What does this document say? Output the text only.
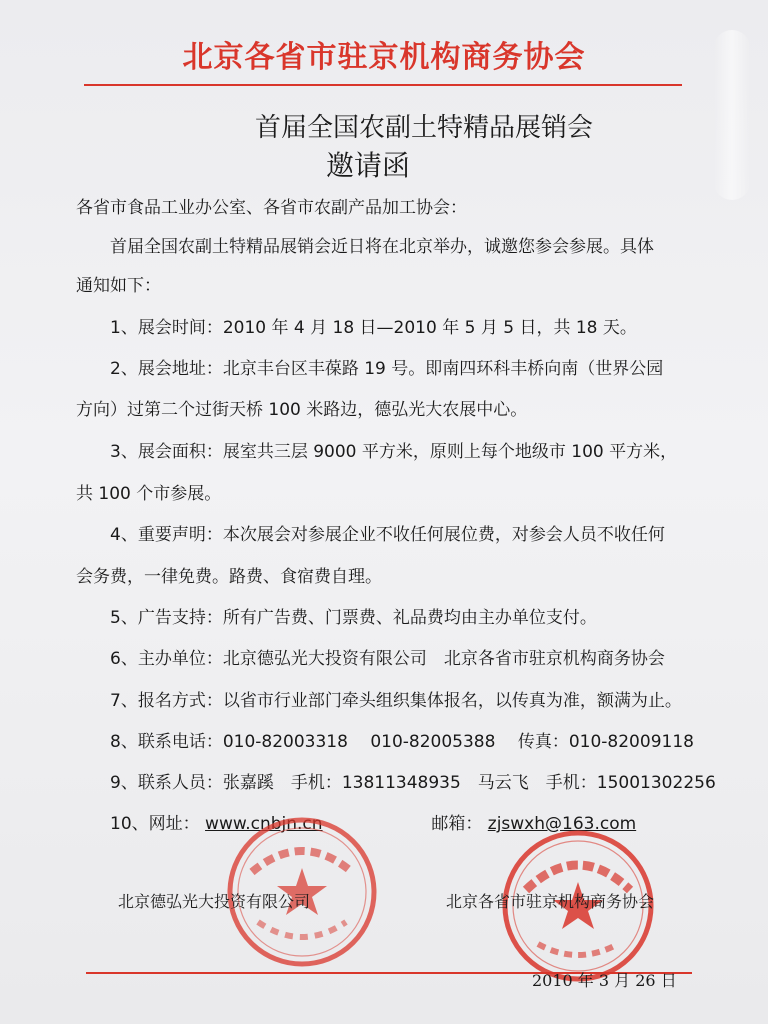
北京各省市驻京机构商务协会
首届全国农副土特精品展销会
邀请函
各省市食品工业办公室、各省市农副产品加工协会：
首届全国农副土特精品展销会近日将在北京举办，诚邀您参会参展。具体
通知如下：
1、展会时间：2010 年 4 月 18 日—2010 年 5 月 5 日，共 18 天。
2、展会地址：北京丰台区丰葆路 19 号。即南四环科丰桥向南（世界公园
方向）过第二个过街天桥 100 米路边，德弘光大农展中心。
3、展会面积：展室共三层 9000 平方米，原则上每个地级市 100 平方米，
共 100 个市参展。
4、重要声明：本次展会对参展企业不收任何展位费，对参会人员不收任何
会务费，一律免费。路费、食宿费自理。
5、广告支持：所有广告费、门票费、礼品费均由主办单位支付。
6、主办单位：北京德弘光大投资有限公司　北京各省市驻京机构商务协会
7、报名方式：以省市行业部门牵头组织集体报名，以传真为准，额满为止。
8、联系电话：010-82003318　 010-82005388　 传真：010-82009118
9、联系人员：张嘉蹊　手机：13811348935　马云飞　手机：15001302256
10、网址： www.cnbjn.cn	邮箱： zjswxh@163.com
北京德弘光大投资有限公司	北京各省市驻京机构商务协会
2010 年 3 月 26 日
